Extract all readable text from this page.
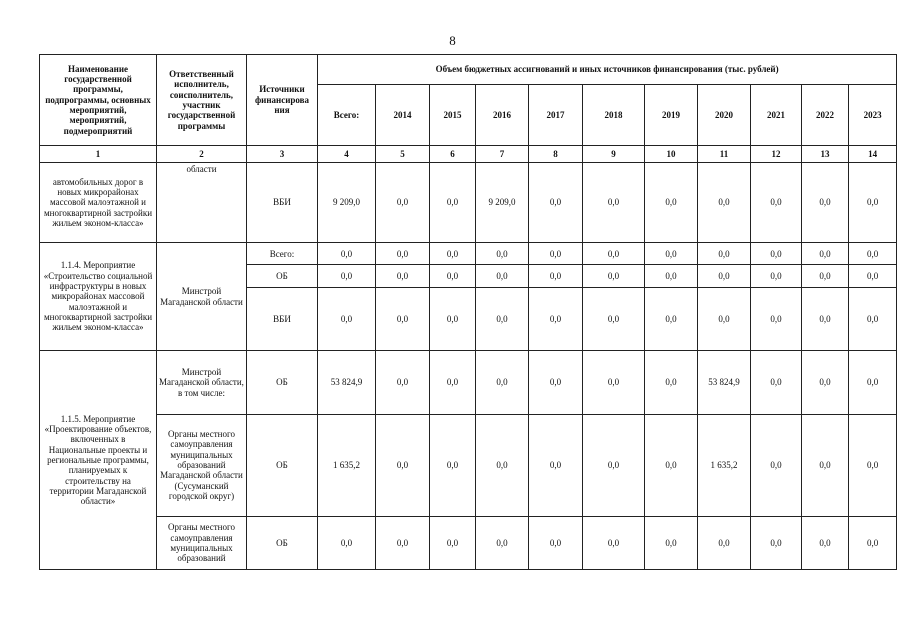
8
Наименование государственной программы, подпрограммы, основных мероприятий, мероприятий, подмероприятий	Ответственный исполнитель, соисполнитель, участник государственной программы	Источники финансирова ния	Объем бюджетных ассигнований и иных источников финансирования (тыс. рублей)										
			Всего:	2014	2015	2016	2017	2018	2019	2020	2021	2022	2023
1	2	3	4	5	6	7	8	9	10	11	12	13	14
автомобильных дорог в новых микрорайонах массовой малоэтажной и многоквартирной застройки жильем эконом-класса»	области	ВБИ	9 209,0	0,0	0,0	9 209,0	0,0	0,0	0,0	0,0	0,0	0,0	0,0
1.1.4. Мероприятие «Строительство социальной инфраструктуры в новых микрорайонах массовой малоэтажной и многоквартирной застройки жильем эконом-класса»	Минстрой Магаданской области	Всего:	0,0	0,0	0,0	0,0	0,0	0,0	0,0	0,0	0,0	0,0	0,0
		ОБ	0,0	0,0	0,0	0,0	0,0	0,0	0,0	0,0	0,0	0,0	0,0
		ВБИ	0,0	0,0	0,0	0,0	0,0	0,0	0,0	0,0	0,0	0,0	0,0
1.1.5. Мероприятие «Проектирование объектов, включенных в Национальные проекты и региональные программы, планируемых к строительству на территории Магаданской области»	Минстрой Магаданской области, в том числе:	ОБ	53 824,9	0,0	0,0	0,0	0,0	0,0	0,0	53 824,9	0,0	0,0	0,0
	Органы местного самоуправления муниципальных образований Магаданской области (Сусуманский городской округ)	ОБ	1 635,2	0,0	0,0	0,0	0,0	0,0	0,0	1 635,2	0,0	0,0	0,0
	Органы местного самоуправления муниципальных образований	ОБ	0,0	0,0	0,0	0,0	0,0	0,0	0,0	0,0	0,0	0,0	0,0
